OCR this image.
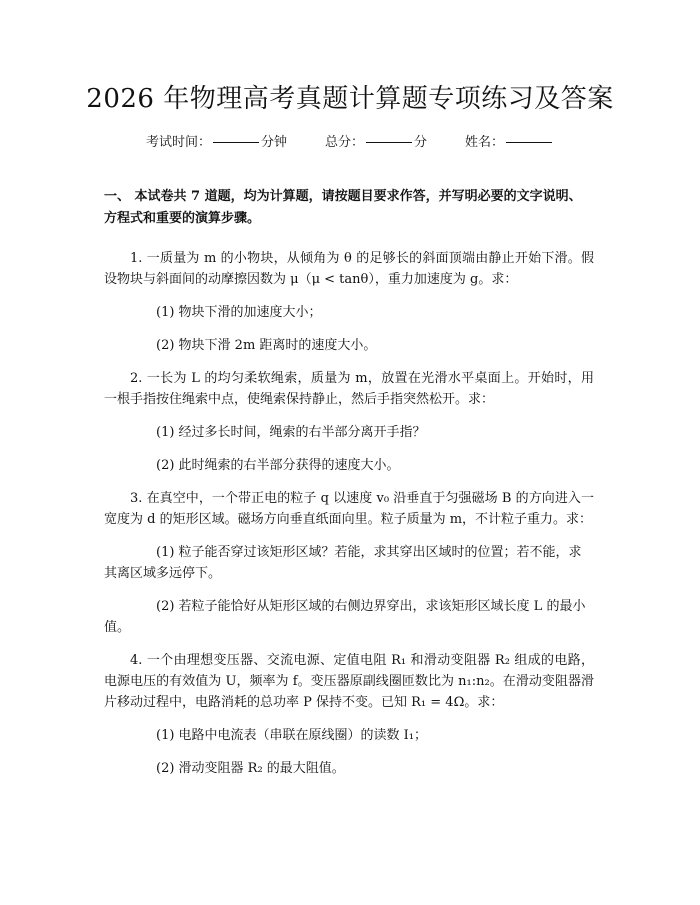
2026 年物理高考真题计算题专项练习及答案
考试时间：	分钟	总分：	分	姓名：

一、 本试卷共 7 道题，均为计算题，请按题目要求作答，并写明必要的文字说明、方程式和重要的演算步骤。

1. 一质量为 m 的小物块，从倾角为 θ 的足够长的斜面顶端由静止开始下滑。假设物块与斜面间的动摩擦因数为 μ（μ < tanθ），重力加速度为 g。求：

(1) 物块下滑的加速度大小；

(2) 物块下滑 2m 距离时的速度大小。

2. 一长为 L 的均匀柔软绳索，质量为 m，放置在光滑水平桌面上。开始时，用一根手指按住绳索中点，使绳索保持静止，然后手指突然松开。求：

(1) 经过多长时间，绳索的右半部分离开手指？

(2) 此时绳索的右半部分获得的速度大小。

3. 在真空中，一个带正电的粒子 q 以速度 v₀ 沿垂直于匀强磁场 B 的方向进入一宽度为 d 的矩形区域。磁场方向垂直纸面向里。粒子质量为 m，不计粒子重力。求：

(1) 粒子能否穿过该矩形区域？若能，求其穿出区域时的位置；若不能，求其离区域多远停下。

(2) 若粒子能恰好从矩形区域的右侧边界穿出，求该矩形区域长度 L 的最小值。

4. 一个由理想变压器、交流电源、定值电阻 R₁ 和滑动变阻器 R₂ 组成的电路，电源电压的有效值为 U，频率为 f。变压器原副线圈匝数比为 n₁:n₂。在滑动变阻器滑片移动过程中，电路消耗的总功率 P 保持不变。已知 R₁ = 4Ω。求：

(1) 电路中电流表（串联在原线圈）的读数 I₁；

(2) 滑动变阻器 R₂ 的最大阻值。
